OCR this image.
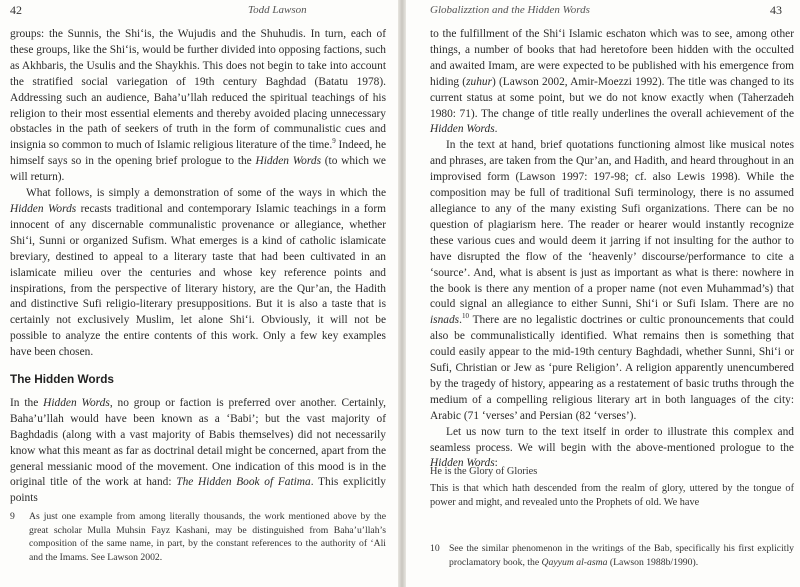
42	Todd Lawson

groups: the Sunnis, the Shi‘is, the Wujudis and the Shuhudis. In turn, each of these groups, like the Shi‘is, would be further divided into opposing factions, such as Akhbaris, the Usulis and the Shaykhis. This does not begin to take into account the stratified social variegation of 19th century Baghdad (Batatu 1978). Addressing such an audience, Baha’u’llah reduced the spiritual teachings of his religion to their most essential elements and thereby avoided placing unnecessary obstacles in the path of seekers of truth in the form of communalistic cues and insignia so common to much of Islamic religious literature of the time.$^9$ Indeed, he himself says so in the opening brief prologue to the Hidden Words (to which we will return).

What follows, is simply a demonstration of some of the ways in which the Hidden Words recasts traditional and contemporary Islamic teachings in a form innocent of any discernable communalistic provenance or allegiance, whether Shi‘i, Sunni or organized Sufism. What emerges is a kind of catholic islamicate breviary, destined to appeal to a literary taste that had been cultivated in an islamicate milieu over the centuries and whose key reference points and inspirations, from the perspective of literary history, are the Qur’an, the Hadith and distinctive Sufi religio-literary presuppositions. But it is also a taste that is certainly not exclusively Muslim, let alone Shi‘i. Obviously, it will not be possible to analyze the entire contents of this work. Only a few key examples have been chosen.

The Hidden Words

In the Hidden Words, no group or faction is preferred over another. Certainly, Baha’u’llah would have been known as a ‘Babi’; but the vast majority of Baghdadis (along with a vast majority of Babis themselves) did not necessarily know what this meant as far as doctrinal detail might be concerned, apart from the general messianic mood of the movement. One indication of this mood is in the original title of the work at hand: The Hidden Book of Fatima. This explicitly points

9	As just one example from among literally thousands, the work mentioned above by the great scholar Mulla Muhsin Fayz Kashani, may be distinguished from Baha’u’llah’s composition of the same name, in part, by the constant references to the authority of ‘Ali and the Imams. See Lawson 2002.
Globalizztion and the Hidden Words	43

to the fulfillment of the Shi‘i Islamic eschaton which was to see, among other things, a number of books that had heretofore been hidden with the occulted and awaited Imam, are were expected to be published with his emergence from hiding (zuhur) (Lawson 2002, Amir-Moezzi 1992). The title was changed to its current status at some point, but we do not know exactly when (Taherzadeh 1980: 71). The change of title really underlines the overall achievement of the Hidden Words.

In the text at hand, brief quotations functioning almost like musical notes and phrases, are taken from the Qur’an, and Hadith, and heard throughout in an improvised form (Lawson 1997: 197-98; cf. also Lewis 1998). While the composition may be full of traditional Sufi terminology, there is no assumed allegiance to any of the many existing Sufi organizations. There can be no question of plagiarism here. The reader or hearer would instantly recognize these various cues and would deem it jarring if not insulting for the author to have disrupted the flow of the ‘heavenly’ discourse/performance to cite a ‘source’. And, what is absent is just as important as what is there: nowhere in the book is there any mention of a proper name (not even Muhammad’s) that could signal an allegiance to either Sunni, Shi‘i or Sufi Islam. There are no isnads.$^{10}$ There are no legalistic doctrines or cultic pronouncements that could also be communalistically identified. What remains then is something that could easily appear to the mid-19th century Baghdadi, whether Sunni, Shi‘i or Sufi, Christian or Jew as ‘pure Religion’. A religion apparently unencumbered by the tragedy of history, appearing as a restatement of basic truths through the medium of a compelling religious literary art in both languages of the city: Arabic (71 ‘verses’ and Persian (82 ‘verses’).

Let us now turn to the text itself in order to illustrate this complex and seamless process. We will begin with the above-mentioned prologue to the Hidden Words:

He is the Glory of Glories

This is that which hath descended from the realm of glory, uttered by the tongue of power and might, and revealed unto the Prophets of old. We have

10 See the similar phenomenon in the writings of the Bab, specifically his first explicitly proclamatory book, the Qayyum al-asma (Lawson 1988b/1990).
